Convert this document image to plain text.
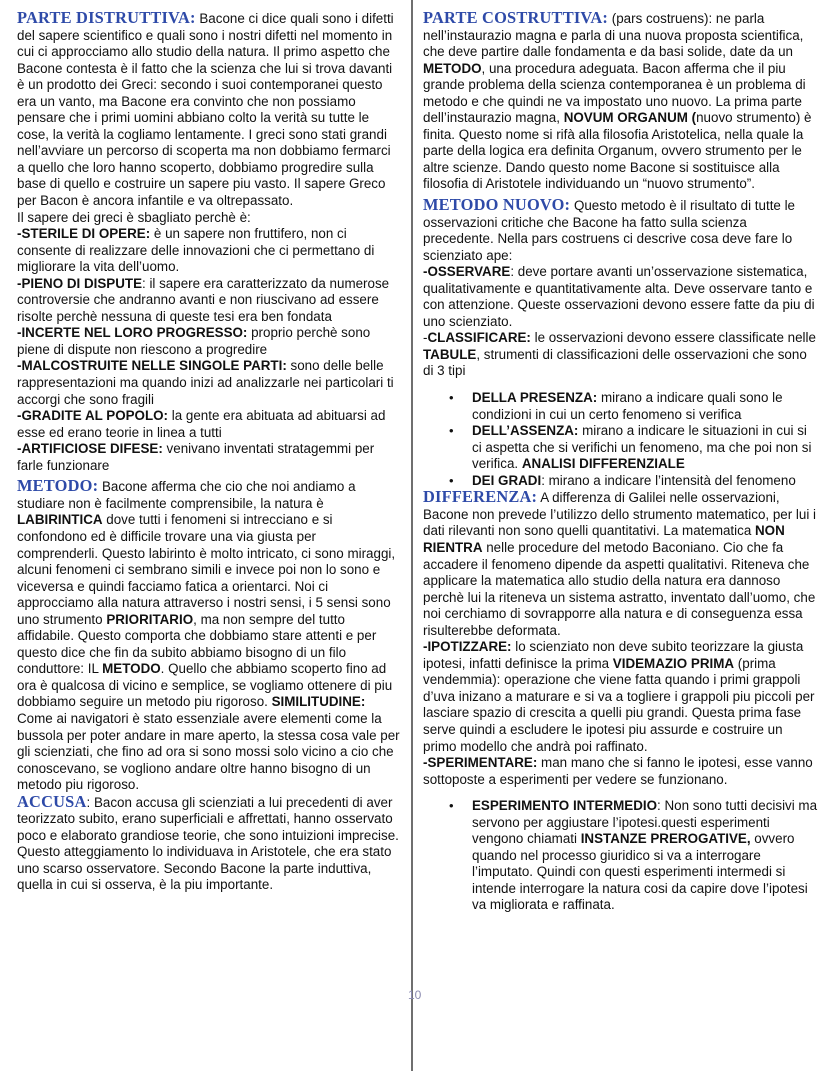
PARTE DISTRUTTIVA: Bacone ci dice quali sono i difetti del sapere scientifico e quali sono i nostri difetti nel momento in cui ci approcciamo allo studio della natura. Il primo aspetto che Bacone contesta è il fatto che la scienza che lui si trova davanti è un prodotto dei Greci: secondo i suoi contemporanei questo era un vanto, ma Bacone era convinto che non possiamo pensare che i primi uomini abbiano colto la verità su tutte le cose, la verità la cogliamo lentamente. I greci sono stati grandi nell’avviare un percorso di scoperta ma non dobbiamo fermarci a quello che loro hanno scoperto, dobbiamo progredire sulla base di quello e costruire un sapere piu vasto. Il sapere Greco per Bacon è ancora infantile e va oltrepassato.

Il sapere dei greci è sbagliato perchè è:

-STERILE DI OPERE: è un sapere non fruttifero, non ci consente di realizzare delle innovazioni che ci permettano di migliorare la vita dell’uomo.

-PIENO DI DISPUTE: il sapere era caratterizzato da numerose controversie che andranno avanti e non riuscivano ad essere risolte perchè nessuna di queste tesi era ben fondata

-INCERTE NEL LORO PROGRESSO: proprio perchè sono piene di dispute non riescono a progredire

-MALCOSTRUITE NELLE SINGOLE PARTI: sono delle belle rappresentazioni ma quando inizi ad analizzarle nei particolari ti accorgi che sono fragili

-GRADITE AL POPOLO: la gente era abituata ad abituarsi ad esse ed erano teorie in linea a tutti

-ARTIFICIOSE DIFESE: venivano inventati stratagemmi per farle funzionare

METODO: Bacone afferma che cio che noi andiamo a studiare non è facilmente comprensibile, la natura è LABIRINTICA dove tutti i fenomeni si intrecciano e si confondono ed è difficile trovare una via giusta per comprenderli. Questo labirinto è molto intricato, ci sono miraggi, alcuni fenomeni ci sembrano simili e invece poi non lo sono e viceversa e quindi facciamo fatica a orientarci. Noi ci approcciamo alla natura attraverso i nostri sensi, i 5 sensi sono uno strumento PRIORITARIO, ma non sempre del tutto affidabile. Questo comporta che dobbiamo stare attenti e per questo dice che fin da subito abbiamo bisogno di un filo conduttore: IL METODO. Quello che abbiamo scoperto fino ad ora è qualcosa di vicino e semplice, se vogliamo ottenere di piu dobbiamo seguire un metodo piu rigoroso. SIMILITUDINE: Come ai navigatori è stato essenziale avere elementi come la bussola per poter andare in mare aperto, la stessa cosa vale per gli scienziati, che fino ad ora si sono mossi solo vicino a cio che conoscevano, se vogliono andare oltre hanno bisogno di un metodo piu rigoroso.

ACCUSA: Bacon accusa gli scienziati a lui precedenti di aver teorizzato subito, erano superficiali e affrettati, hanno osservato poco e elaborato grandiose teorie, che sono intuizioni imprecise. Questo atteggiamento lo individuava in Aristotele, che era stato uno scarso osservatore. Secondo Bacone la parte induttiva, quella in cui si osserva, è la piu importante.

PARTE COSTRUTTIVA: (pars costruens): ne parla nell’instaurazio magna e parla di una nuova proposta scientifica, che deve partire dalle fondamenta e da basi solide, date da un METODO, una procedura adeguata. Bacon afferma che il piu grande problema della scienza contemporanea è un problema di metodo e che quindi ne va impostato uno nuovo. La prima parte dell’instaurazio magna, NOVUM ORGANUM (nuovo strumento) è finita. Questo nome si rifà alla filosofia Aristotelica, nella quale la parte della logica era definita Organum, ovvero strumento per le altre scienze. Dando questo nome Bacone si sostituisce alla filosofia di Aristotele individuando un “nuovo strumento”.

METODO NUOVO: Questo metodo è il risultato di tutte le osservazioni critiche che Bacone ha fatto sulla scienza precedente. Nella pars costruens ci descrive cosa deve fare lo scienziato ape:

-OSSERVARE: deve portare avanti un’osservazione sistematica, qualitativamente e quantitativamente alta. Deve osservare tanto e con attenzione. Queste osservazioni devono essere fatte da piu di uno scienziato.

-CLASSIFICARE: le osservazioni devono essere classificate nelle TABULE, strumenti di classificazioni delle osservazioni che sono di 3 tipi

• DELLA PRESENZA: mirano a indicare quali sono le condizioni in cui un certo fenomeno si verifica
• DELL’ASSENZA: mirano a indicare le situazioni in cui si ci aspetta che si verifichi un fenomeno, ma che poi non si verifica. ANALISI DIFFERENZIALE
• DEI GRADI: mirano a indicare l’intensità del fenomeno

DIFFERENZA: A differenza di Galilei nelle osservazioni, Bacone non prevede l’utilizzo dello strumento matematico, per lui i dati rilevanti non sono quelli quantitativi. La matematica NON RIENTRA nelle procedure del metodo Baconiano. Cio che fa accadere il fenomeno dipende da aspetti qualitativi. Riteneva che applicare la matematica allo studio della natura era dannoso perchè lui la riteneva un sistema astratto, inventato dall’uomo, che noi cerchiamo di sovrapporre alla natura e di conseguenza essa risulterebbe deformata.

-IPOTIZZARE: lo scienziato non deve subito teorizzare la giusta ipotesi, infatti definisce la prima VIDEMAZIO PRIMA (prima vendemmia): operazione che viene fatta quando i primi grappoli d’uva inizano a maturare e si va a togliere i grappoli piu piccoli per lasciare spazio di crescita a quelli piu grandi. Questa prima fase serve quindi a escludere le ipotesi piu assurde e costruire un primo modello che andrà poi raffinato.

-SPERIMENTARE: man mano che si fanno le ipotesi, esse vanno sottoposte a esperimenti per vedere se funzionano.

• ESPERIMENTO INTERMEDIO: Non sono tutti decisivi ma servono per aggiustare l’ipotesi.questi esperimenti vengono chiamati INSTANZE PREROGATIVE, ovvero quando nel processo giuridico si va a interrogare l’imputato. Quindi con questi esperimenti intermedi si intende interrogare la natura cosi da capire dove l’ipotesi va migliorata e raffinata.
10
